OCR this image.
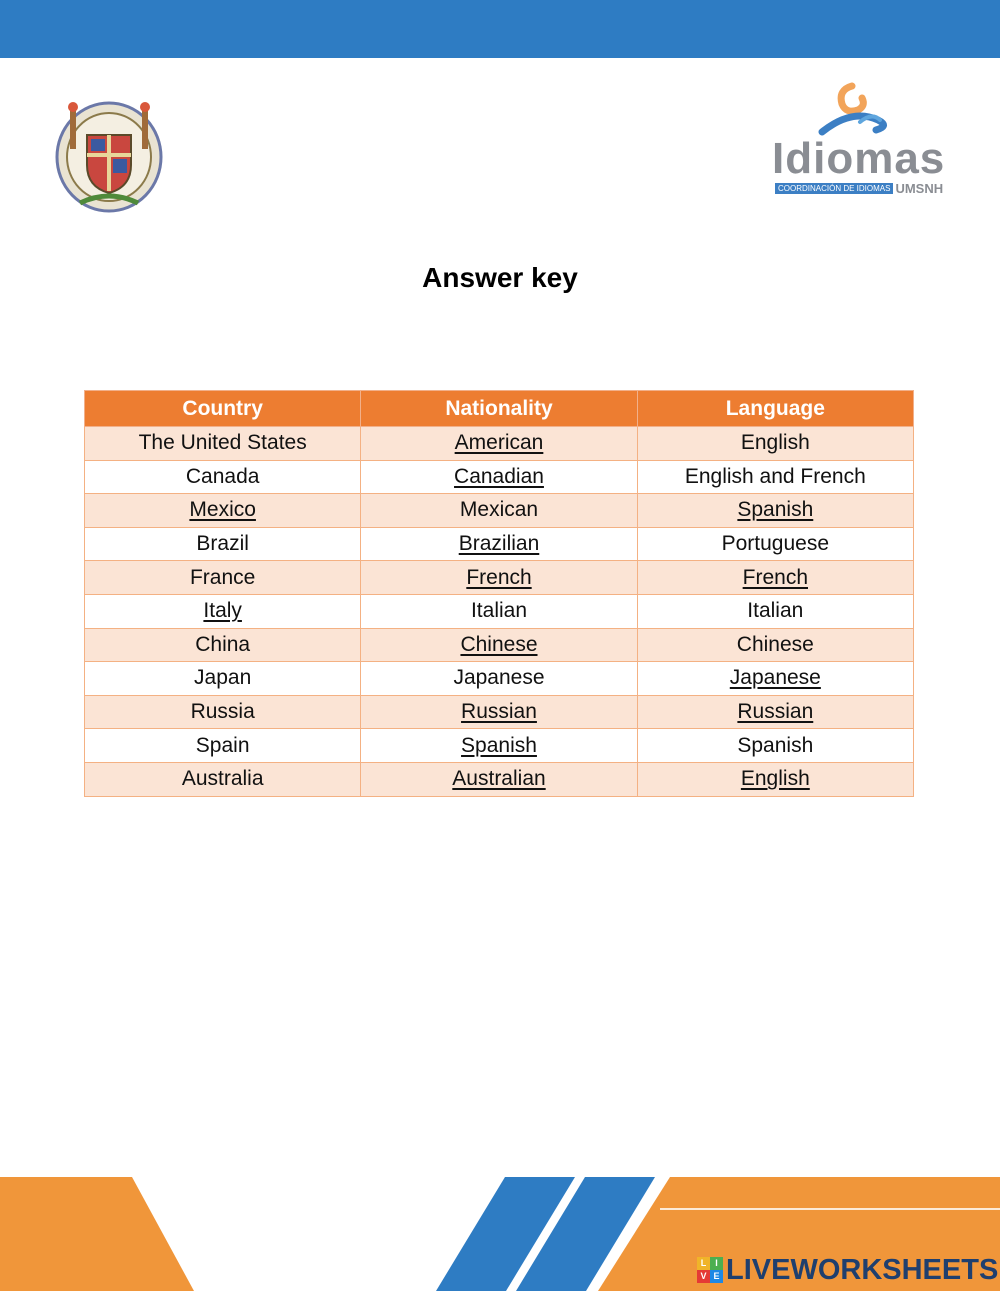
Idiomas
COORDINACIÓN DE IDIOMAS UMSNH
Answer key
Country	Nationality	Language
The United States	American	English
Canada	Canadian	English and French
Mexico	Mexican	Spanish
Brazil	Brazilian	Portuguese
France	French	French
Italy	Italian	Italian
China	Chinese	Chinese
Japan	Japanese	Japanese
Russia	Russian	Russian
Spain	Spanish	Spanish
Australia	Australian	English
L I
V E LIVEWORKSHEETS
